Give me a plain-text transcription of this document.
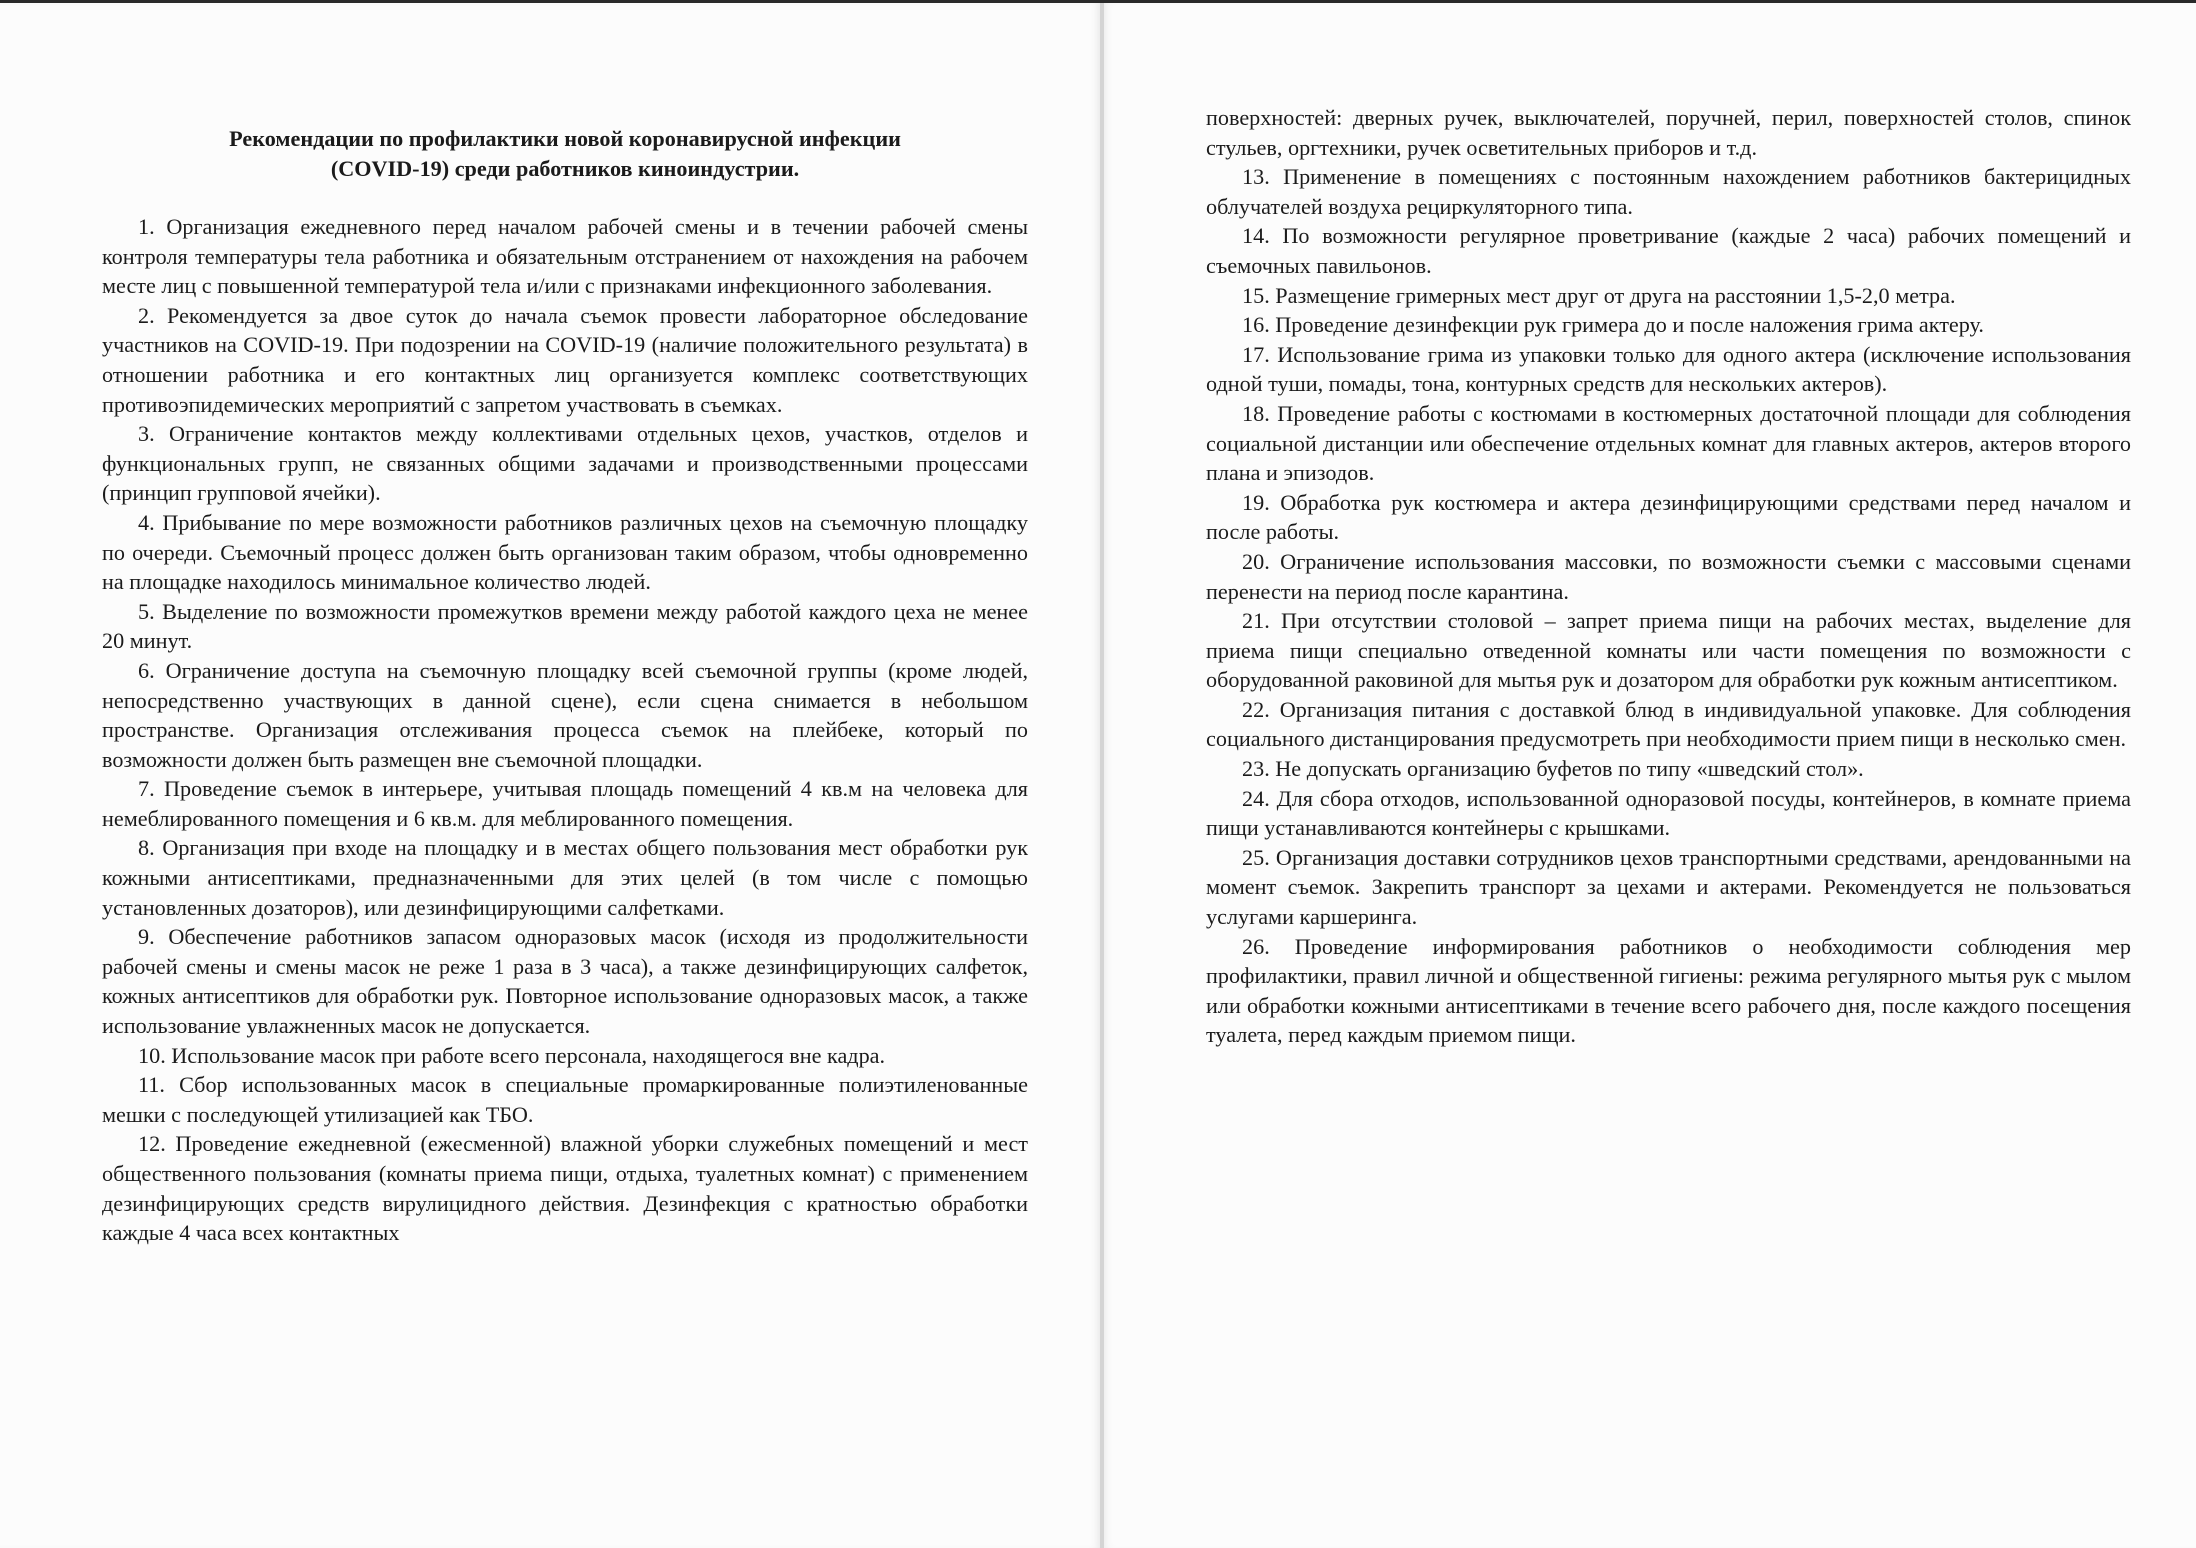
Рекомендации по профилактики новой коронавирусной инфекции
(COVID-19) среди работников киноиндустрии.

1. Организация ежедневного перед началом рабочей смены и в течении рабочей смены контроля температуры тела работника и обязательным отстранением от нахождения на рабочем месте лиц с повышенной температурой тела и/или с признаками инфекционного заболевания.

2. Рекомендуется за двое суток до начала съемок провести лабораторное обследование участников на COVID-19. При подозрении на COVID-19 (наличие положительного результата) в отношении работника и его контактных лиц организуется комплекс соответствующих противоэпидемических мероприятий с запретом участвовать в съемках.

3. Ограничение контактов между коллективами отдельных цехов, участков, отделов и функциональных групп, не связанных общими задачами и производственными процессами (принцип групповой ячейки).

4. Прибывание по мере возможности работников различных цехов на съемочную площадку по очереди. Съемочный процесс должен быть организован таким образом, чтобы одновременно на площадке находилось минимальное количество людей.

5. Выделение по возможности промежутков времени между работой каждого цеха не менее 20 минут.

6. Ограничение доступа на съемочную площадку всей съемочной группы (кроме людей, непосредственно участвующих в данной сцене), если сцена снимается в небольшом пространстве. Организация отслеживания процесса съемок на плейбеке, который по возможности должен быть размещен вне съемочной площадки.

7. Проведение съемок в интерьере, учитывая площадь помещений 4 кв.м на человека для немеблированного помещения и 6 кв.м. для меблированного помещения.

8. Организация при входе на площадку и в местах общего пользования мест обработки рук кожными антисептиками, предназначенными для этих целей (в том числе с помощью установленных дозаторов), или дезинфицирующими салфетками.

9. Обеспечение работников запасом одноразовых масок (исходя из продолжительности рабочей смены и смены масок не реже 1 раза в 3 часа), а также дезинфицирующих салфеток, кожных антисептиков для обработки рук. Повторное использование одноразовых масок, а также использование увлажненных масок не допускается.

10. Использование масок при работе всего персонала, находящегося вне кадра.

11. Сбор использованных масок в специальные промаркированные полиэтиленованные мешки с последующей утилизацией как ТБО.

12. Проведение ежедневной (ежесменной) влажной уборки служебных помещений и мест общественного пользования (комнаты приема пищи, отдыха, туалетных комнат) с применением дезинфицирующих средств вирулицидного действия. Дезинфекция с кратностью обработки каждые 4 часа всех контактных

поверхностей: дверных ручек, выключателей, поручней, перил, поверхностей столов, спинок стульев, оргтехники, ручек осветительных приборов и т.д.

13. Применение в помещениях с постоянным нахождением работников бактерицидных облучателей воздуха рециркуляторного типа.

14. По возможности регулярное проветривание (каждые 2 часа) рабочих помещений и съемочных павильонов.

15. Размещение гримерных мест друг от друга на расстоянии 1,5-2,0 метра.

16. Проведение дезинфекции рук гримера до и после наложения грима актеру.

17. Использование грима из упаковки только для одного актера (исключение использования одной туши, помады, тона, контурных средств для нескольких актеров).

18. Проведение работы с костюмами в костюмерных достаточной площади для соблюдения социальной дистанции или обеспечение отдельных комнат для главных актеров, актеров второго плана и эпизодов.

19. Обработка рук костюмера и актера дезинфицирующими средствами перед началом и после работы.

20. Ограничение использования массовки, по возможности съемки с массовыми сценами перенести на период после карантина.

21. При отсутствии столовой – запрет приема пищи на рабочих местах, выделение для приема пищи специально отведенной комнаты или части помещения по возможности с оборудованной раковиной для мытья рук и дозатором для обработки рук кожным антисептиком.

22. Организация питания с доставкой блюд в индивидуальной упаковке. Для соблюдения социального дистанцирования предусмотреть при необходимости прием пищи в несколько смен.

23. Не допускать организацию буфетов по типу «шведский стол».

24. Для сбора отходов, использованной одноразовой посуды, контейнеров, в комнате приема пищи устанавливаются контейнеры с крышками.

25. Организация доставки сотрудников цехов транспортными средствами, арендованными на момент съемок. Закрепить транспорт за цехами и актерами. Рекомендуется не пользоваться услугами каршеринга.

26. Проведение информирования работников о необходимости соблюдения мер профилактики, правил личной и общественной гигиены: режима регулярного мытья рук с мылом или обработки кожными антисептиками в течение всего рабочего дня, после каждого посещения туалета, перед каждым приемом пищи.
